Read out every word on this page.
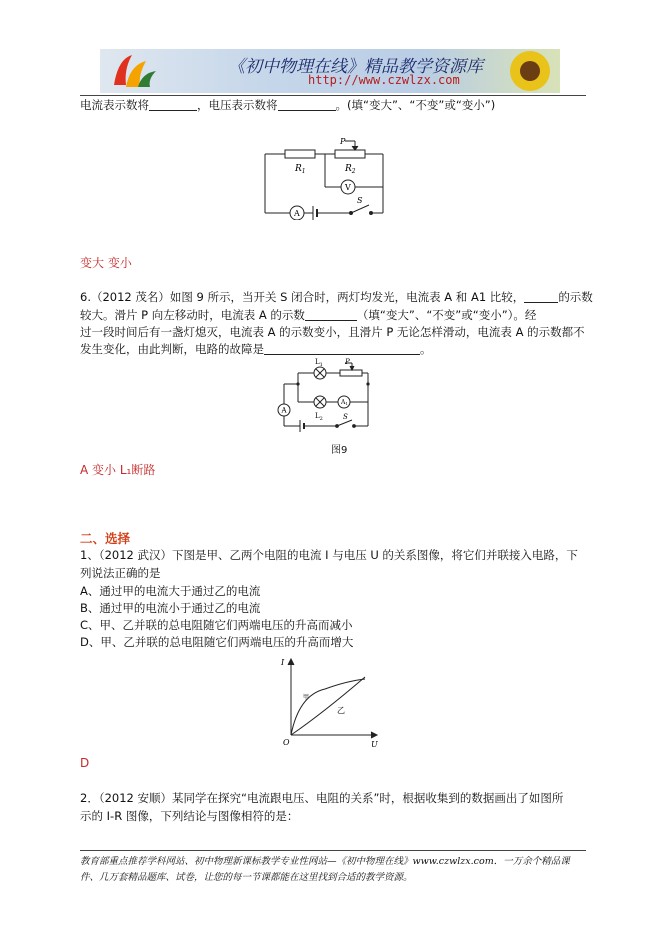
《初中物理在线》精品教学资源库
http://www.czwlzx.com
电流表示数将	，电压表示数将	。(填“变大”、“不变”或“变小”)
$R_1$	$R_2$
P
V
A
S
变大 变小
6.（2012 茂名）如图 9 所示，当开关 S 闭合时，两灯均发光，电流表 A 和 A1 比较，	的示数
较大。滑片 P 向左移动时，电流表 A 的示数	（填“变大”、“不变”或“变小”）。经
过一段时间后有一盏灯熄灭，电流表 A 的示数变小，且滑片 P 无论怎样滑动，电流表 A 的示数都不
发生变化，由此判断，电路的故障是	。
$L_1$
$L_2$
P
A1
A
S
图9
A 变小 L₁断路
二、选择
1、（2012 武汉）下图是甲、乙两个电阻的电流 I 与电压 U 的关系图像，将它们并联接入电路，下
列说法正确的是
A、通过甲的电流大于通过乙的电流
B、通过甲的电流小于通过乙的电流
C、甲、乙并联的总电阻随它们两端电压的升高而减小
D、甲、乙并联的总电阻随它们两端电压的升高而增大
I
U
O
甲
乙
D
2．（2012 安顺）某同学在探究“电流跟电压、电阻的关系”时，根据收集到的数据画出了如图所
示的 I-R 图像，下列结论与图像相符的是：
教育部重点推荐学科网站、初中物理新课标教学专业性网站—《初中物理在线》www.czwlzx.com．一万余个精品课
件、几万套精品题库、试卷，让您的每一节课都能在这里找到合适的教学资源。
